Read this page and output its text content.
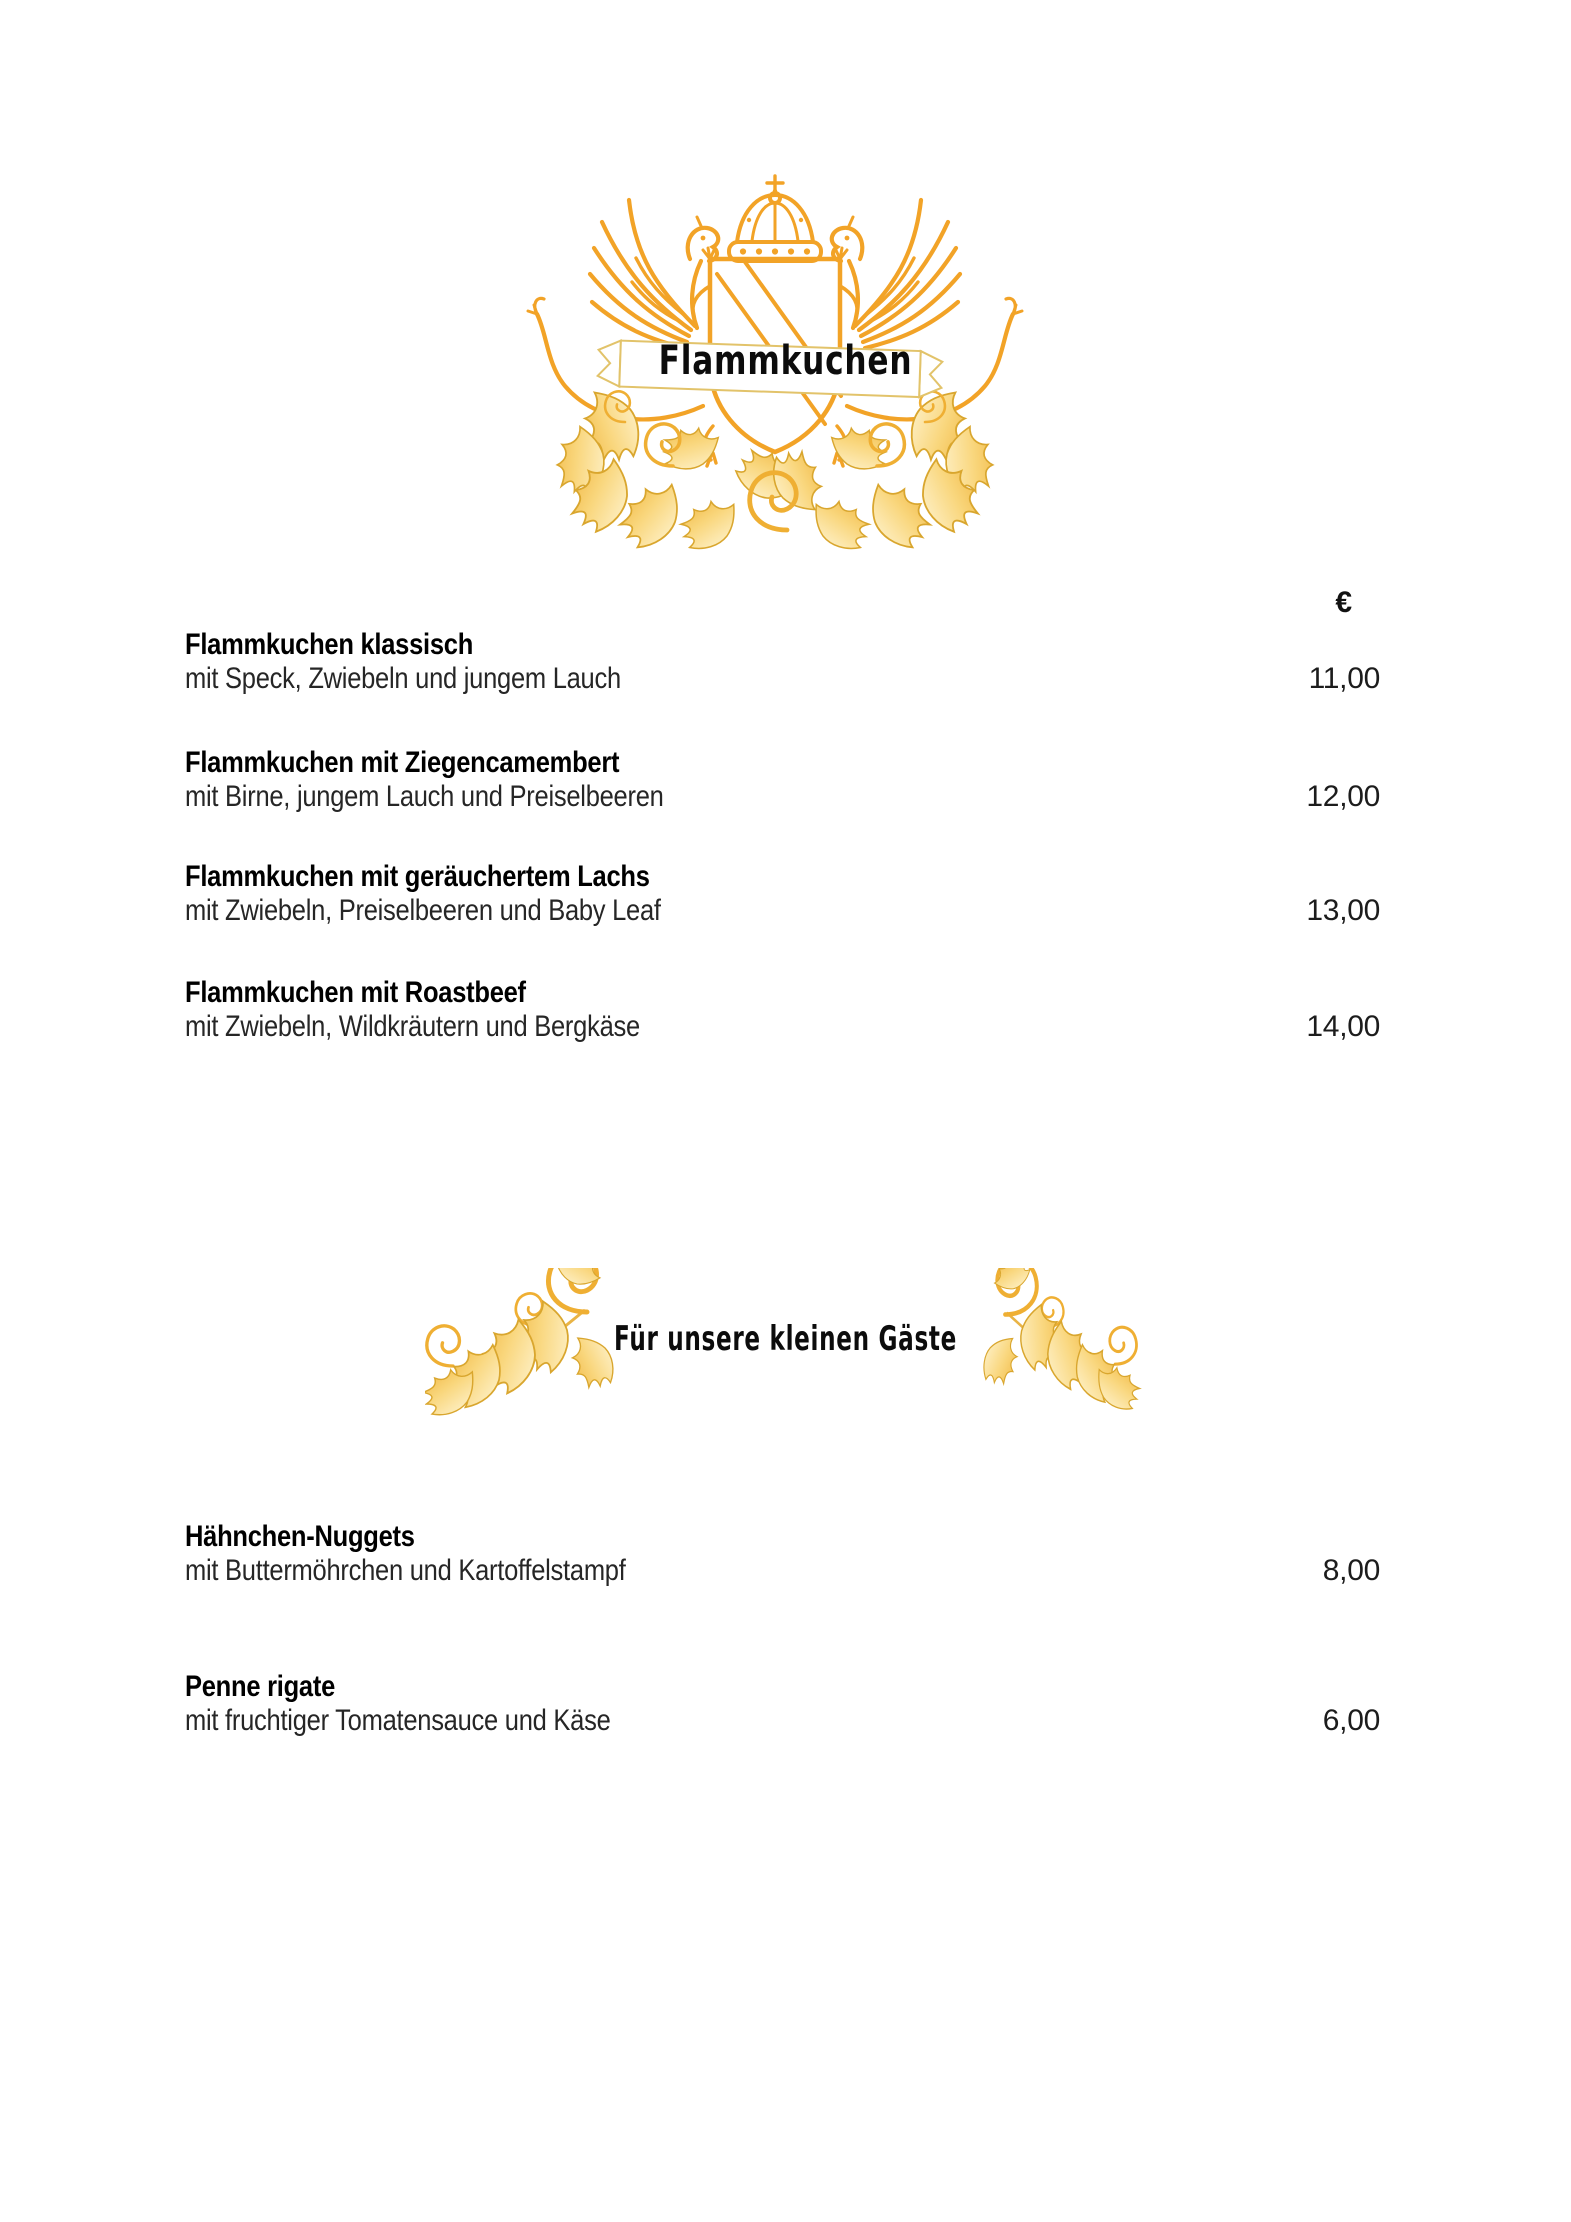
Flammkuchen
€
Flammkuchen klassisch
mit Speck, Zwiebeln und jungem Lauch	11,00
Flammkuchen mit Ziegencamembert
mit Birne, jungem Lauch und Preiselbeeren	12,00
Flammkuchen mit geräuchertem Lachs
mit Zwiebeln, Preiselbeeren und Baby Leaf	13,00
Flammkuchen mit Roastbeef
mit Zwiebeln, Wildkräutern und Bergkäse	14,00
Für unsere kleinen Gäste
Hähnchen-Nuggets
mit Buttermöhrchen und Kartoffelstampf	8,00
Penne rigate
mit fruchtiger Tomatensauce und Käse	6,00
